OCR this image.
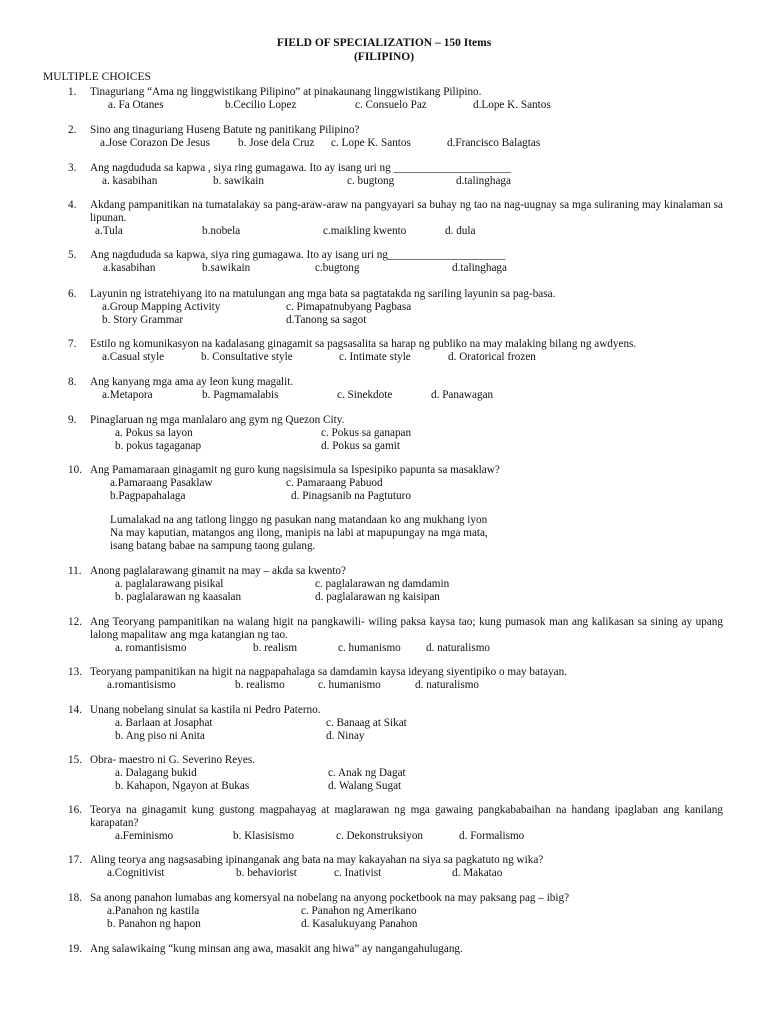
FIELD OF SPECIALIZATION – 150 Items
(FILIPINO)
MULTIPLE CHOICES
1. Tinaguriang “Ama ng linggwistikang Pilipino” at pinakaunang linggwistikang Pilipino.
a. Fa Otanes	b.Cecilio Lopez	c. Consuelo Paz	d.Lope K. Santos
2. Sino ang tinaguriang Huseng Batute ng panitikang Pilipino?
a.Jose Corazon De Jesus	b. Jose dela Cruz c. Lope K. Santos	d.Francisco Balagtas
3. Ang nagdududa sa kapwa , siya ring gumagawa. Ito ay isang uri ng _____________________
a. kasabihan	b. sawikain	c. bugtong	d.talinghaga
4. Akdang pampanitikan na tumatalakay sa pang-araw-araw na pangyayari sa buhay ng tao na nag-uugnay sa mga suliraning may kinalaman sa lipunan.
a.Tula	b.nobela	c.maikling kwento	d. dula
5. Ang nagdududa sa kapwa, siya ring gumagawa. Ito ay isang uri ng_____________________
a.kasabihan	b.sawikain	c.bugtong	d.talinghaga
6. Layunin ng istratehiyang ito na matulungan ang mga bata sa pagtatakda ng sariling layunin sa pag-basa.
a.Group Mapping Activity	c. Pimapatnubyang Pagbasa
b. Story Grammar	d.Tanong sa sagot
7. Estilo ng komunikasyon na kadalasang ginagamit sa pagsasalita sa harap ng publiko na may malaking bilang ng awdyens.
a.Casual style	b. Consultative style	c. Intimate style	d. Oratorical frozen
8. Ang kanyang mga ama ay leon kung magalit.
a.Metapora	b. Pagmamalabis	c. Sinekdote	d. Panawagan
9. Pinaglaruan ng mga manlalaro ang gym ng Quezon City.
a. Pokus sa layon	c. Pokus sa ganapan
b. pokus tagaganap	d. Pokus sa gamit
10. Ang Pamamaraan ginagamit ng guro kung nagsisimula sa Ispesipiko papunta sa masaklaw?
a.Pamaraang Pasaklaw	c. Pamaraang Pabuod
b.Pagpapahalaga	d. Pinagsanib na Pagtuturo
11. Anong paglalarawang ginamit na may – akda sa kwento?
a. paglalarawang pisikal	c. paglalarawan ng damdamin
b. paglalarawan ng kaasalan	d. paglalarawan ng kaisipan
12. Ang Teoryang pampanitikan na walang higit na pangkawili- wiling paksa kaysa tao; kung pumasok man ang kalikasan sa sining ay upang lalong mapalitaw ang mga katangian ng tao.
a. romantisismo	b. realism	c. humanismo d. naturalismo
13. Teoryang pampanitikan na higit na nagpapahalaga sa damdamin kaysa ideyang siyentipiko o may batayan.
a.romantisismo	b. realismo	c. humanismo	d. naturalismo
14. Unang nobelang sinulat sa kastila ni Pedro Paterno.
a. Barlaan at Josaphat	c. Banaag at Sikat
b. Ang piso ni Anita	d. Ninay
15. Obra- maestro ni G. Severino Reyes.
a. Dalagang bukid	c. Anak ng Dagat
b. Kahapon, Ngayon at Bukas	d. Walang Sugat
16. Teorya na ginagamit kung gustong magpahayag at maglarawan ng mga gawaing pangkababaihan na handang ipaglaban ang kanilang karapatan?
a.Feminismo	b. Klasisismo	c. Dekonstruksiyon	d. Formalismo
17. Aling teorya ang nagsasabing ipinanganak ang bata na may kakayahan na siya sa pagkatuto ng wika?
a.Cognitivist	b. behaviorist	c. Inativist	d. Makatao
18. Sa anong panahon lumabas ang komersyal na nobelang na anyong pocketbook na may paksang pag – ibig?
a.Panahon ng kastila	c. Panahon ng Amerikano
b. Panahon ng hapon	d. Kasalukuyang Panahon
19. Ang salawikaing “kung minsan ang awa, masakit ang hiwa” ay nangangahulugang.
Lumalakad na ang tatlong linggo ng pasukan nang matandaan ko ang mukhang iyon
Na may kaputian, matangos ang ilong, manipis na labi at mapupungay na mga mata,
isang batang babae na sampung taong gulang.
